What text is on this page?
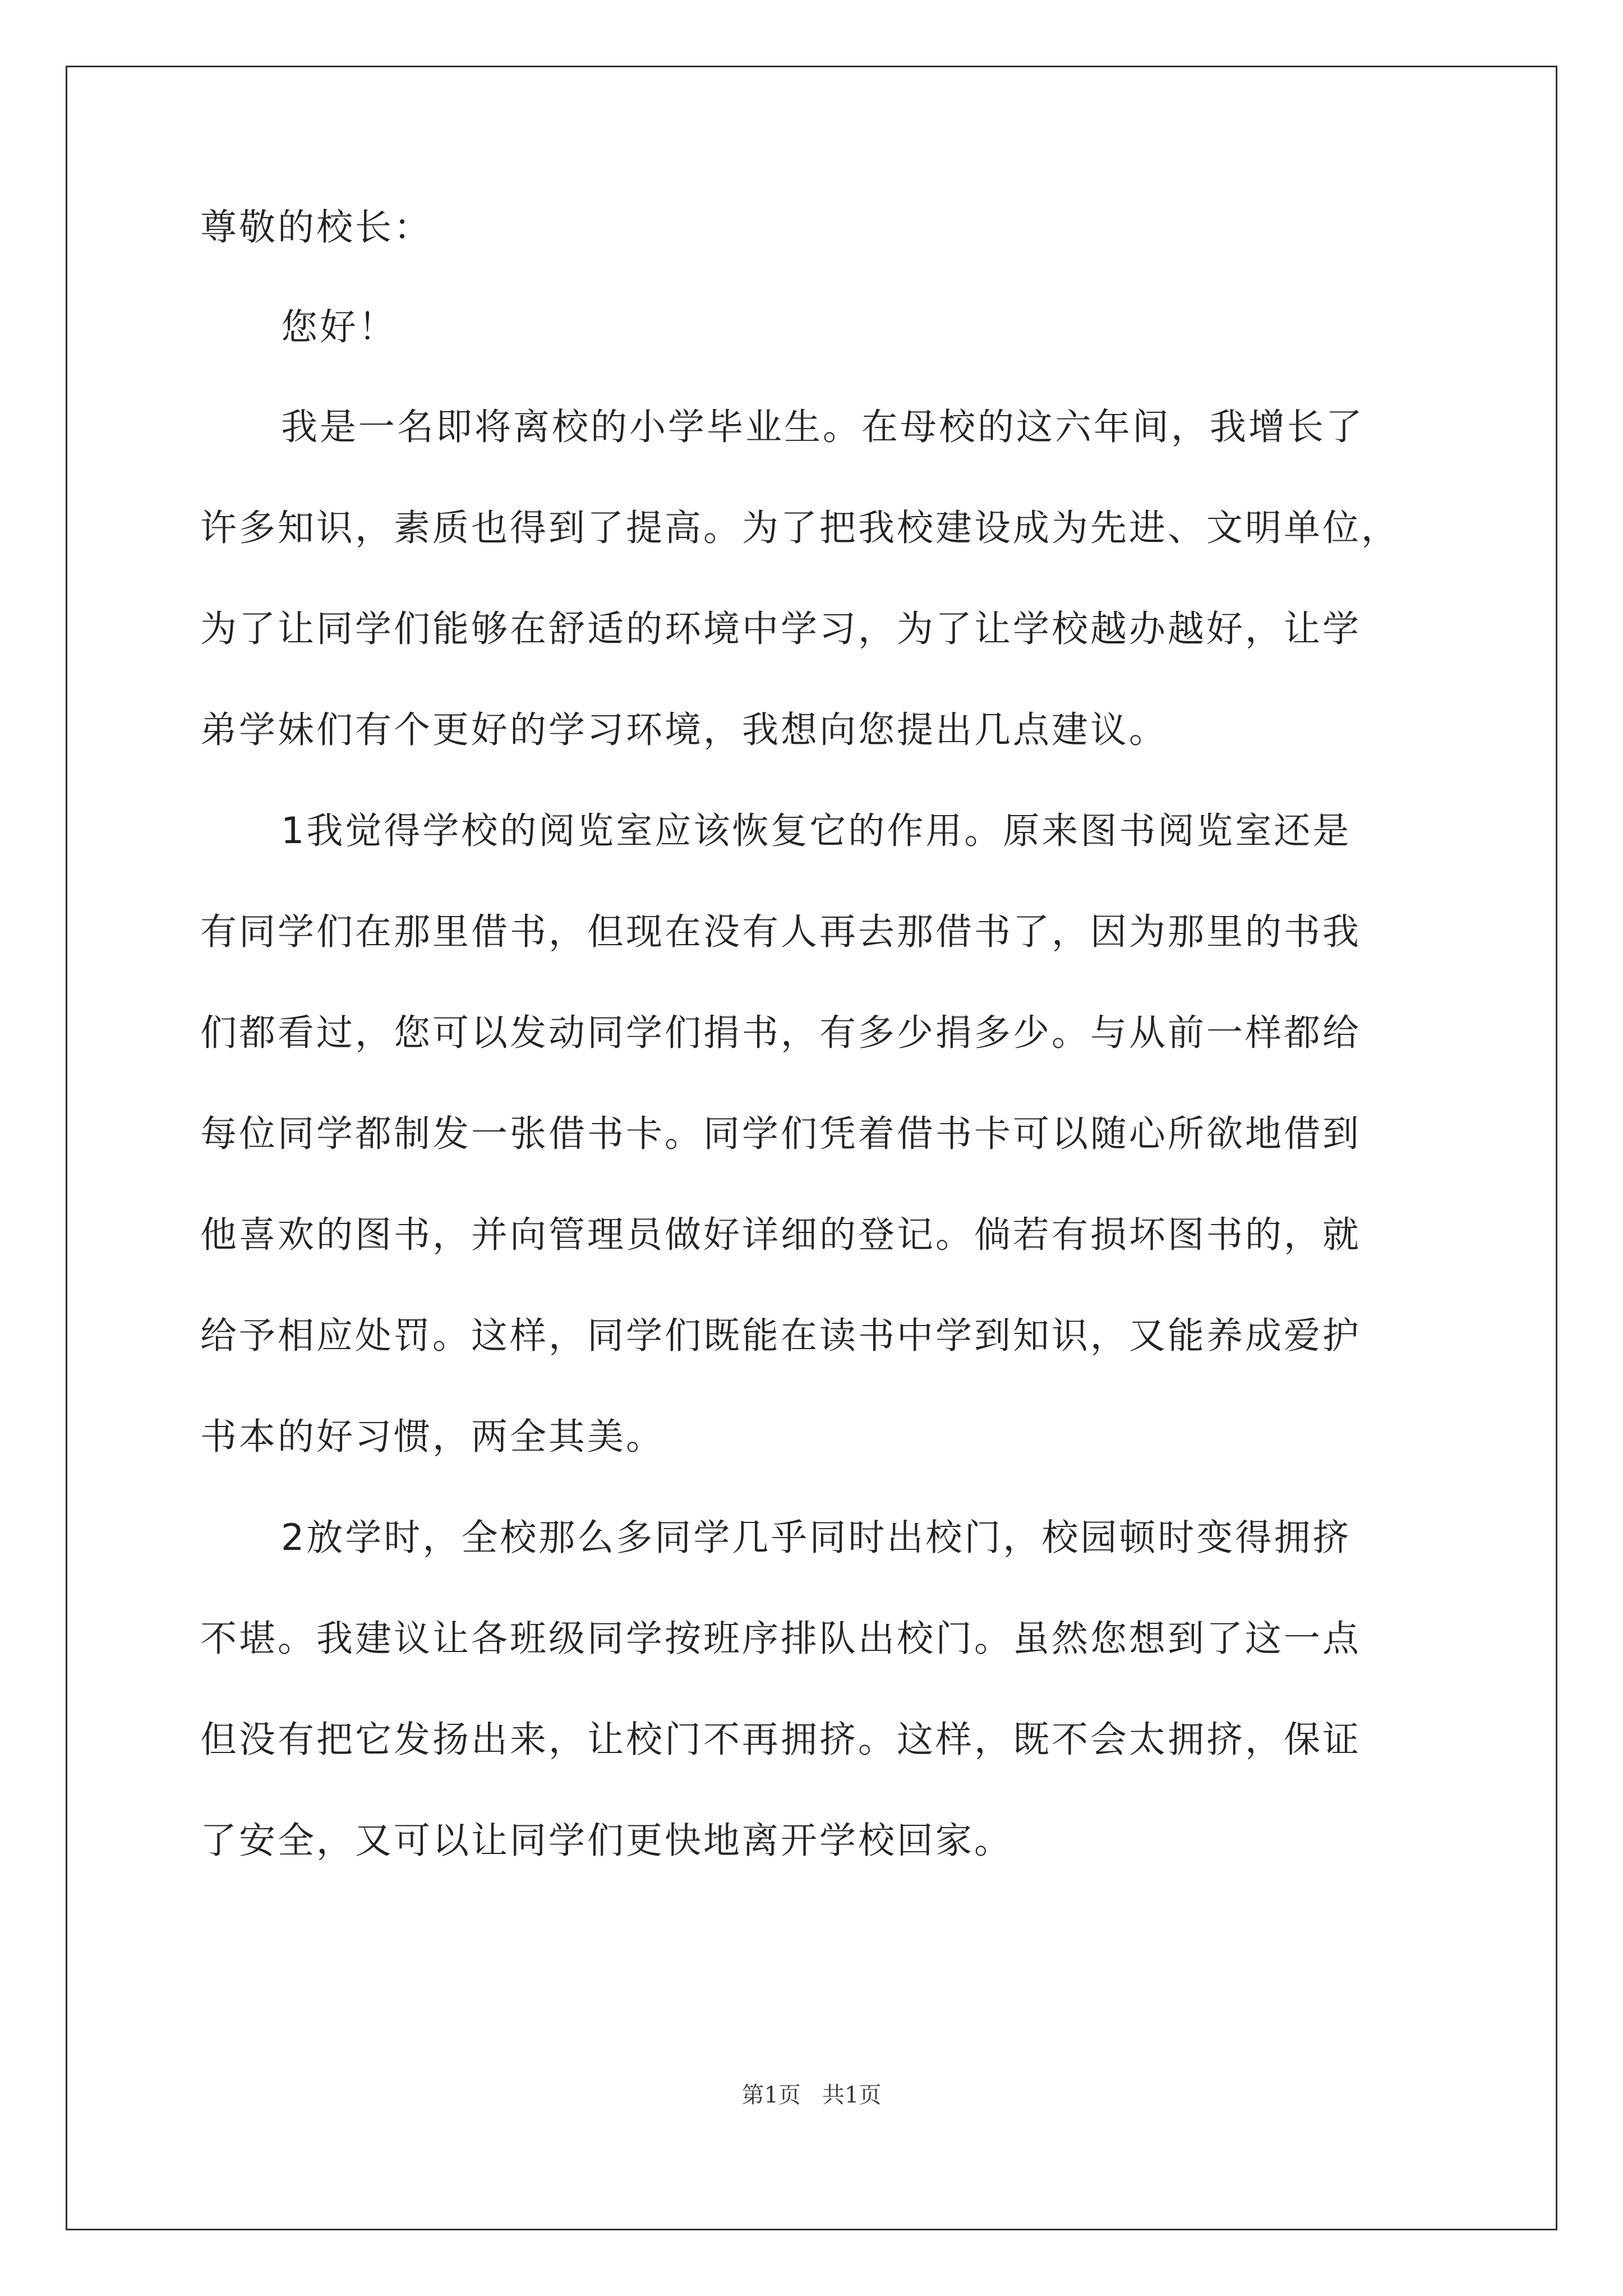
尊敬的校长：
您好！
我是一名即将离校的小学毕业生。在母校的这六年间，我增长了
许多知识，素质也得到了提高。为了把我校建设成为先进、文明单位，
为了让同学们能够在舒适的环境中学习，为了让学校越办越好，让学
弟学妹们有个更好的学习环境，我想向您提出几点建议。
1我觉得学校的阅览室应该恢复它的作用。原来图书阅览室还是
有同学们在那里借书，但现在没有人再去那借书了，因为那里的书我
们都看过，您可以发动同学们捐书，有多少捐多少。与从前一样都给
每位同学都制发一张借书卡。同学们凭着借书卡可以随心所欲地借到
他喜欢的图书，并向管理员做好详细的登记。倘若有损坏图书的，就
给予相应处罚。这样，同学们既能在读书中学到知识，又能养成爱护
书本的好习惯，两全其美。
2放学时，全校那么多同学几乎同时出校门，校园顿时变得拥挤
不堪。我建议让各班级同学按班序排队出校门。虽然您想到了这一点
但没有把它发扬出来，让校门不再拥挤。这样，既不会太拥挤，保证
了安全，又可以让同学们更快地离开学校回家。
第1页   共1页
